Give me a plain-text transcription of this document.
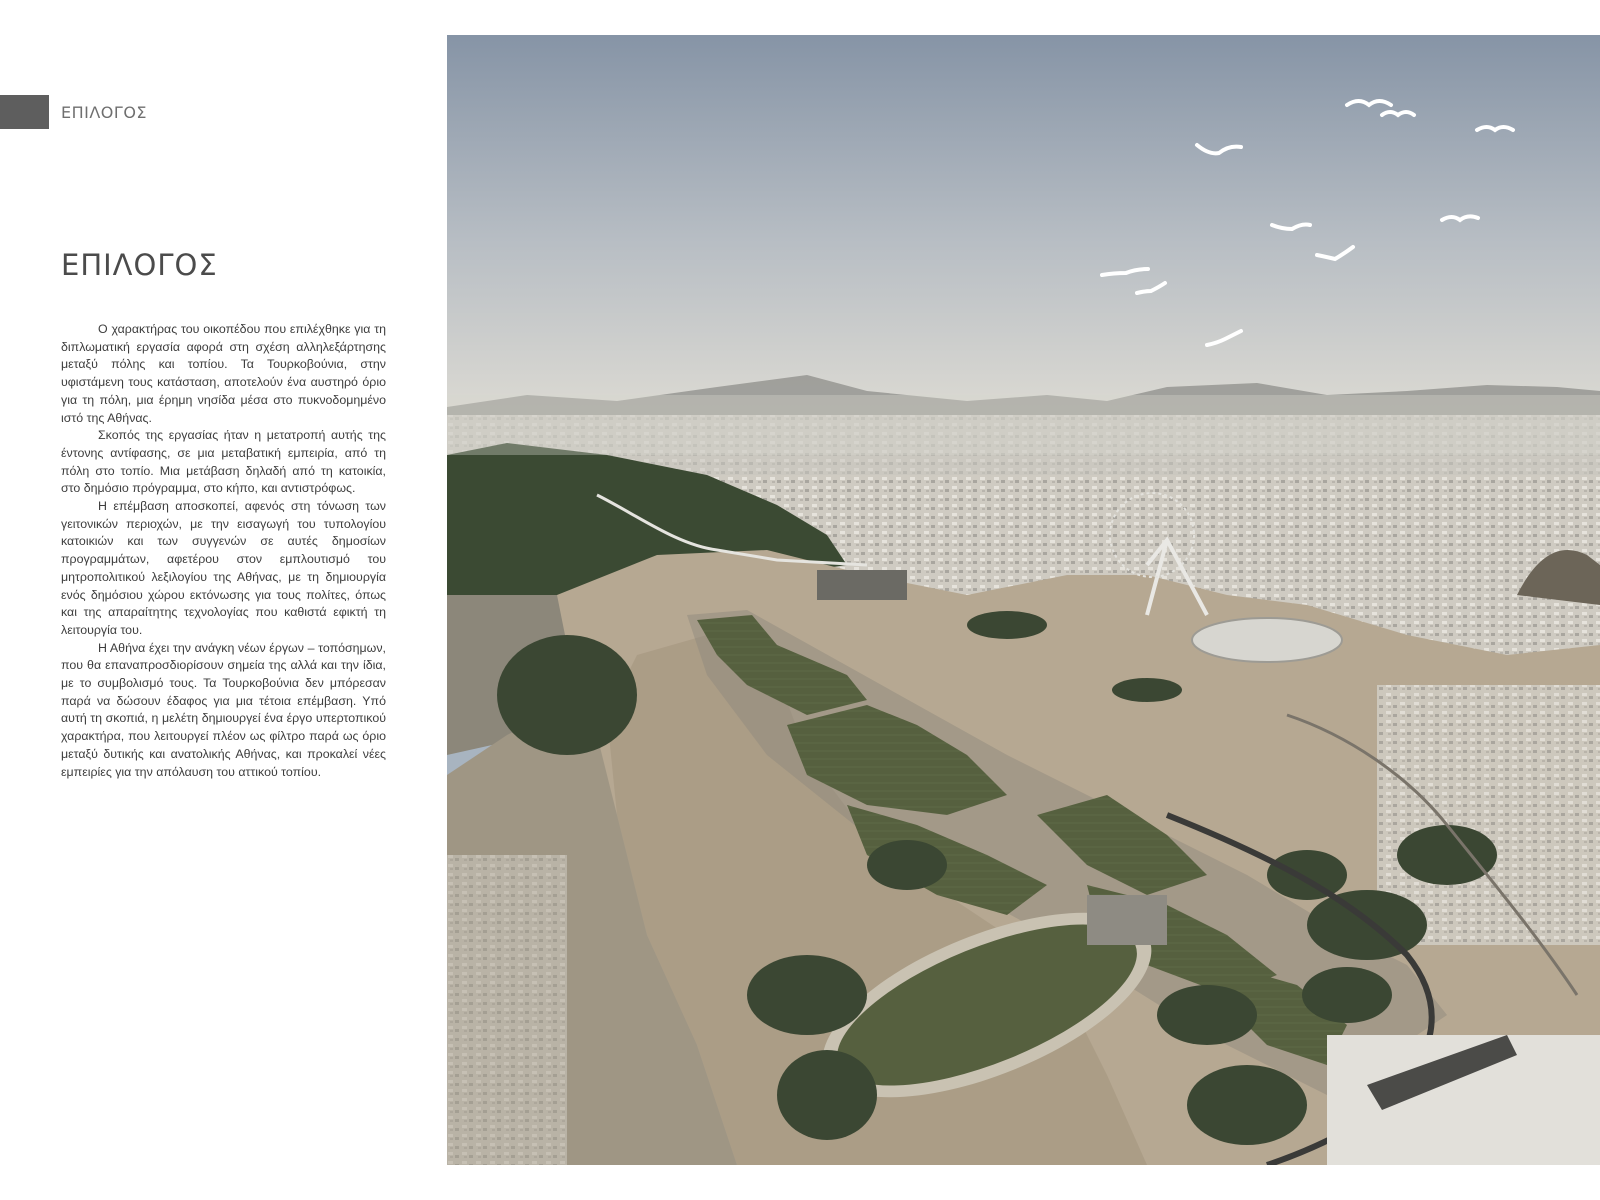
ΕΠΙΛΟΓΟΣ
ΕΠΙΛΟΓΟΣ

Ο χαρακτήρας του οικοπέδου που επιλέχθηκε για τη διπλωματική εργασία αφορά στη σχέση αλληλεξάρτησης μεταξύ πόλης και τοπίου. Τα Τουρκοβούνια, στην υφιστάμενη τους κατάσταση, αποτελούν ένα αυστηρό όριο για τη πόλη, μια έρημη νησίδα μέσα στο πυκνοδομημένο ιστό της Αθήνας.

Σκοπός της εργασίας ήταν η μετατροπή αυτής της έντονης αντίφασης, σε μια μεταβατική εμπειρία, από τη πόλη στο τοπίο. Μια μετάβαση δηλαδή από τη κατοικία, στο δημόσιο πρόγραμμα, στο κήπο, και αντιστρόφως.

Η επέμβαση αποσκοπεί, αφενός στη τόνωση των γειτονικών περιοχών, με την εισαγωγή του τυπολογίου κατοικιών και των συγγενών σε αυτές δημοσίων προγραμμάτων, αφετέρου στον εμπλουτισμό του μητροπολιτικού λεξιλογίου της Αθήνας, με τη δημιουργία ενός δημόσιου χώρου εκτόνωσης για τους πολίτες, όπως και της απαραίτητης τεχνολογίας που καθιστά εφικτή τη λειτουργία του.

Η Αθήνα έχει την ανάγκη νέων έργων – τοπόσημων, που θα επαναπροσδιορίσουν σημεία της αλλά και την ίδια, με το συμβολισμό τους. Τα Τουρκοβούνια δεν μπόρεσαν παρά να δώσουν έδαφος για μια τέτοια επέμβαση. Υπό αυτή τη σκοπιά, η μελέτη δημιουργεί ένα έργο υπερτοπικού χαρακτήρα, που λειτουργεί πλέον ως φίλτρο παρά ως όριο μεταξύ δυτικής και ανατολικής Αθήνας, και προκαλεί νέες εμπειρίες για την απόλαυση του αττικού τοπίου.
